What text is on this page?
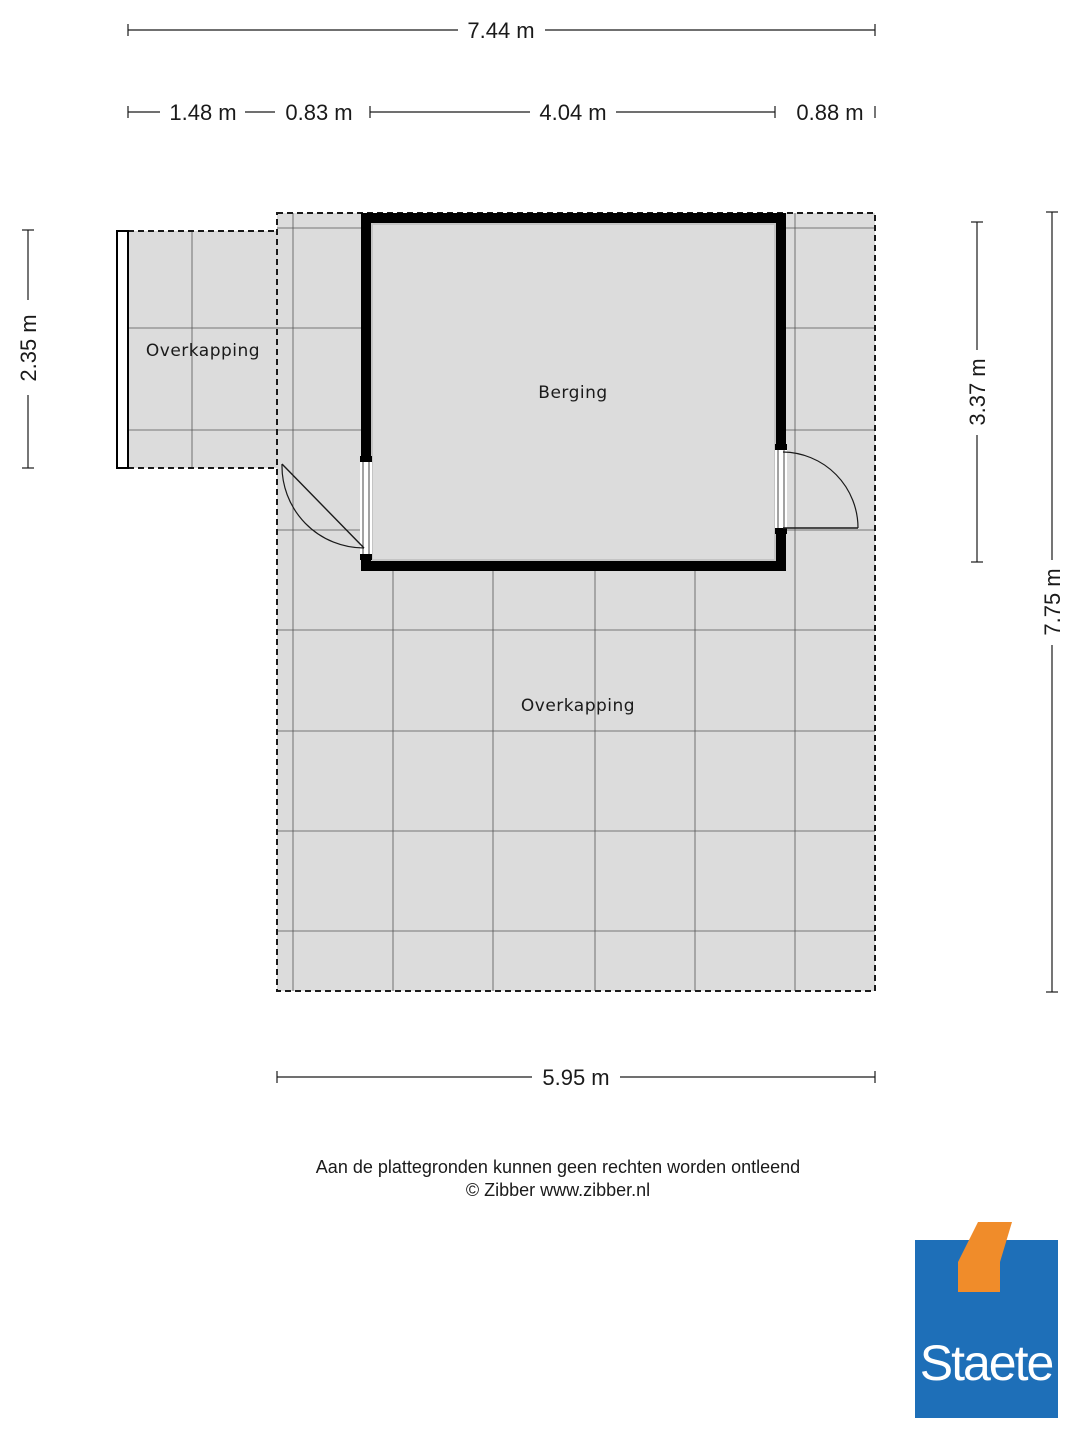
7.44 m
1.48 m 0.83 m	4.04 m	0.88 m
5.95 m
2.35 m
3.37 m
7.75 m
Overkapping
Berging
Overkapping
Aan de plattegronden kunnen geen rechten worden ontleend
© Zibber www.zibber.nl
Staete
